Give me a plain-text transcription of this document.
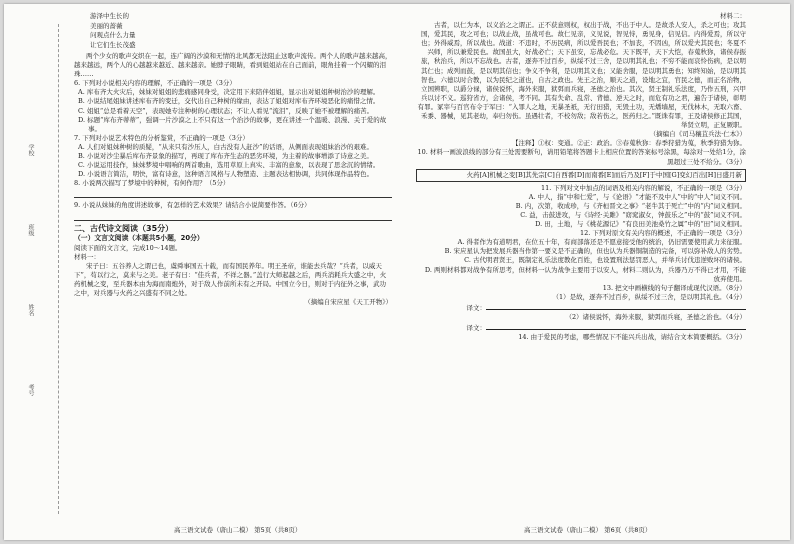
学校
班级
姓名
考号
游泽中生长的
美丽的蔷薇
问观点什么力量
让它们生长茂盛

两个少女的歌声交织在一起，连广阔的沙漠和无情的北风都无法阻止这歌声流传。两个人的歌声越来越高，越来越远，两个人的心越越来越近、越来越亲。她脖子眼睛，看到姐姐站在自己面前，眼角挂着一个闪耀的泪珠……

6. 下列对小说相关内容的理解，不正确的一项是（3分）

A. 库布齐大火灾后，妹妹对姐姐的悲痛感同身受，决定用下来陪伴姐姐，显示出对姐姐种树治沙的理解。

B. 小说结尾姐妹讲述库布齐的变迁，交代出自己种树的缘由，表达了姐姐对库布齐环境恶化的痛惜之情。

C. 姐姐“总是看着天空”，表现她专注种树的心理状态；不让人看见“流泪”，反映了她不被理解的痛苦。

D. 标题“库布齐蒂蒂”，强调一片沙漠之上不只有这一个治沙的故事，更在讲述一个温暖、浪漫、关于爱的故事。

7. 下列对小说艺术特色的分析鉴赏，不正确的一项是（3分）

A. 人们对姐妹种树的质疑，“从来只有沙压人，白古没有人赶沙”的话语，从侧面表现姐妹治沙的艰难。

B. 小说对沙尘暴后库布齐景象的描写，再现了库布齐生态的恶劣环境，为主着的故事增添了诗意之美。

C. 小说运用技作，妹妹梦境中唱响的两首歌曲，选用草原上真实、丰富的意象，以表现了思念沉的情绪。

D. 小说语言简洁，明快，富有诗意，这种语言风格与人物塑造、主题表达相协调，共同体现作品特色。

8. 小说两次描写了梦境中的种树，有何作用？（5分）

9. 小说从妹妹的角度讲述故事，有怎样的艺术效果？请结合小说简要作答。（6分）

二、古代诗文阅读（35分）
（一）文言文阅读（本题共5小题，20分）

阅读下面的文言文，完成10～14题。

材料一：

宋子曰：五谷养人之谓已也，虞舜事国五十载，而有国民养年。明王圣帝，谁能去兵哉？“兵者，以威天下”，苟以行之，莫来与之美。老子有曰：“佳兵者，不祥之器。”盖行大师起越之后，两兵消耗兵大盛之中，火药机械之变，至兵器本由为海而南炮外，对于敌人作前所未有之开局。中国立今日，则对于内征外之事，武功之中，对兵器与火药之兴盛有不同之处。

（摘编自宋应星《天工开物》）

高三语文试卷（唐山二模） 第5页（共8页）

材料二：

古者，以仁为本，以义治之之谓正。正不获意则权，权出于战，不出于中人。是故杀人安人，杀之可也；攻其国，爱其民，攻之可也；以战止战，虽战可也。故仁见亲，义见说，智见恃，勇见身，信见信。内得爱焉，所以守也；外得威焉，所以战也。战道：不违时，不历民病，所以爱吾民也；不加丧，不因凶，所以爱夫其民也；冬夏不兴师，所以兼爱民也。故国虽大，好战必亡；天下虽安，忘战必危。天下既平，天下大恺，春蒐秋狝，诸侯春振旅，秋治兵，所以不忘战也。古者，逐奔不过百步，纵绥不过三舍，是以明其礼也；不穷不能而哀怜伤病，是以明其仁也；成列而鼓，是以明其信也；争义不争利，是以明其义也；又能舍服，是以明其勇也；知终知始，是以明其智也。六德以时合教，以为民纪之道也，自古之政也。先王之治，顺天之道，设地之宜，官民之德，而正名治物，立国辨职，以爵分禄，诸侯说怀，海外来服，狱弭而兵寝，圣德之治也。其次，贤王制礼乐法度，乃作五刑，兴甲兵以讨不义。巡狩省方，会诸侯，考不同。其有失命、乱常、背德、逆天之时，而危有功之君，遍告于诸侯，彰明有罪。冢宰与百官布令于军曰：“入罪人之地，无暴圣祇，无行田猎，无毁土功，无燔墙屋，无伐林木，无取六畜、禾黍、器械，见其老幼，奉归勿伤。虽遇壮者，不校勿敌；敌若伤之，医药归之。”既诛有罪，王及诸侯修正其国，举贤立明，正复厥职。

（摘编自《司马穰苴兵法·仁本》）

【注释】①权：变通。②正：政治。③春蒐秋狝：春季狩猎为蒐，秋季狩猎为狝。

10. 材料一画波浪线的部分有三处需要断句，请用铅笔将答题卡上相应位置的答案标号涂黑，每涂对一处给1分，涂黑超过三处不给分。（3分）

火药[A]机械之变[B]其先宗[C]自西番[D]而南番[E]而后乃及[F]于中国[G]变幻百出[H]日盛月新

11. 下列对文中加点的词语及相关内容的解说，不正确的一项是（3分）

A. 中人，指“中和仁爱”，与《论语》“才能不及中人”中的“中人”词义不同。

B. 内，次第，收成珍，与《齐桓晋文之事》“老牛其于死亡”中的“内”词义相同。

C. 益，击鼓进攻，与《诗经·关雎》“窈窕淑女，钟鼓乐之”中的“鼓”词义不同。

D. 田，土地，与《桃花源记》“有良田美池桑竹之属”中的“田”词义相同。

12. 下列对原文有关内容的概述，不正确的一项是（3分）

A. 得者作为有道明君，在位五十年，有商部落还是不愿意接受他的统治，仍旧需要使用武力来征服。

B. 宋应星认为把发展兵器当作第一要义是不正确的，但也认为兵器铜制造的完备，可以弥补敌人的劣势。

C. 古代明君贤王，既制定礼乐法度教化百姓，也设置刑法惩罚恶人，并举兵讨伐违逆败坏的诸侯。

D. 两则材料都对战争有所思考，但材料一认为战争主要用于以安人，材料二则认为，兵器乃万不得已才用，不能放弃使用。

13. 把文中画横线的句子翻译成现代汉语。（8分）

（1）是故，逐奔不过百步，纵绥不过三舍，是以明其礼也。（4分）

译文：

（2）诸侯说怀，海外来服，狱弭而兵寝，圣德之治也。（4分）

译文：

14. 由于爱民的考虑，哪些情况下不能兴兵出战，请结合文本简要概括。（3分）

高三语文试卷（唐山二模） 第6页（共8页）
